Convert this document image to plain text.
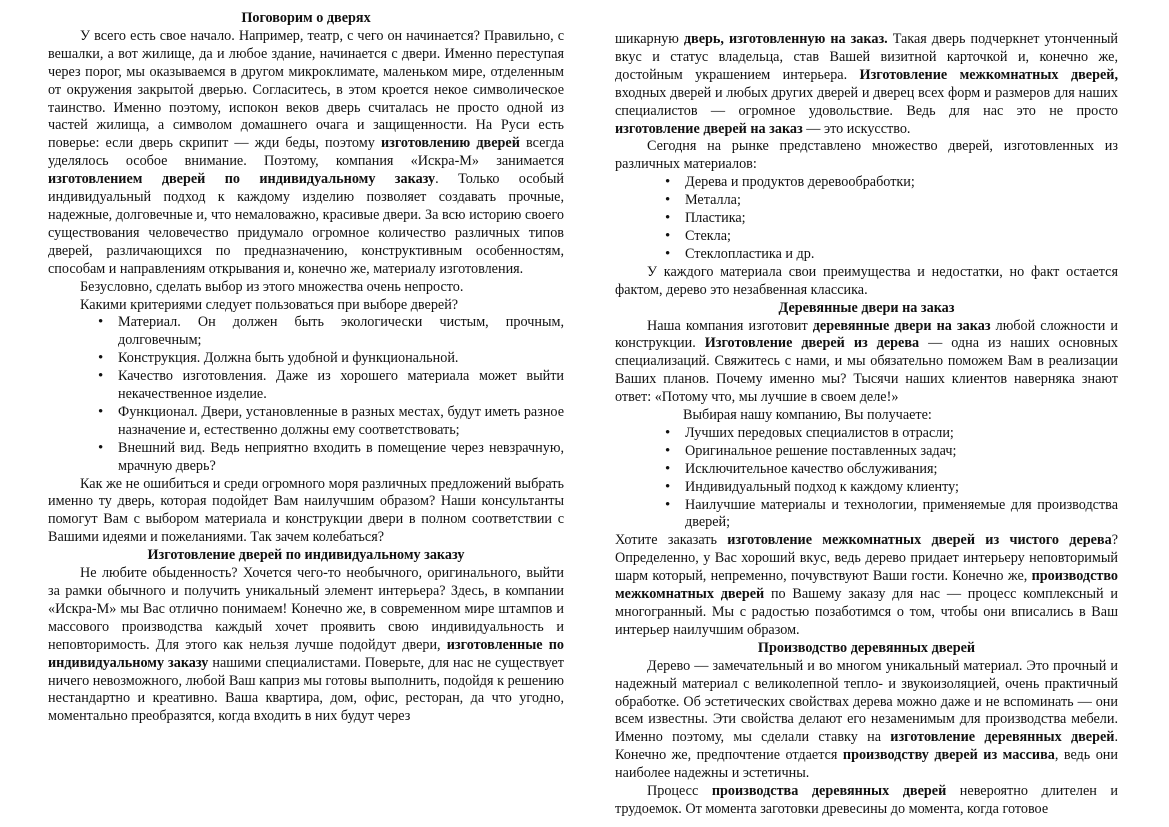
Поговорим о дверях

У всего есть свое начало. Например, театр, с чего он начинается? Правильно, с вешалки, а вот жилище, да и любое здание, начинается с двери. Именно переступая через порог, мы оказываемся в другом микроклимате, маленьком мире, отделенным от окружения закрытой дверью. Согласитесь, в этом кроется некое символическое таинство. Именно поэтому, испокон веков дверь считалась не просто одной из частей жилища, а символом домашнего очага и защищенности. На Руси есть поверье: если дверь скрипит — жди беды, поэтому изготовлению дверей всегда уделялось особое внимание. Поэтому, компания «Искра-М» занимается изготовлением дверей по индивидуальному заказу. Только особый индивидуальный подход к каждому изделию позволяет создавать прочные, надежные, долговечные и, что немаловажно, красивые двери. За всю историю своего существования человечество придумало огромное количество различных типов дверей, различающихся по предназначению, конструктивным особенностям, способам и направлениям открывания и, конечно же, материалу изготовления.

Безусловно, сделать выбор из этого множества очень непросто.

Какими критериями следует пользоваться при выборе дверей?

• Материал. Он должен быть экологически чистым, прочным, долговечным;
• Конструкция. Должна быть удобной и функциональной.
• Качество изготовления. Даже из хорошего материала может выйти некачественное изделие.
• Функционал. Двери, установленные в разных местах, будут иметь разное назначение и, естественно должны ему соответствовать;
• Внешний вид. Ведь неприятно входить в помещение через невзрачную, мрачную дверь?

Как же не ошибиться и среди огромного моря различных предложений выбрать именно ту дверь, которая подойдет Вам наилучшим образом? Наши консультанты помогут Вам с выбором материала и конструкции двери в полном соответствии с Вашими идеями и пожеланиями. Так зачем колебаться?

Изготовление дверей по индивидуальному заказу

Не любите обыденность? Хочется чего-то необычного, оригинального, выйти за рамки обычного и получить уникальный элемент интерьера? Здесь, в компании «Искра-М» мы Вас отлично понимаем! Конечно же, в современном мире штампов и массового производства каждый хочет проявить свою индивидуальность и неповторимость. Для этого как нельзя лучше подойдут двери, изготовленные по индивидуальному заказу нашими специалистами. Поверьте, для нас не существует ничего невозможного, любой Ваш каприз мы готовы выполнить, подойдя к решению нестандартно и креативно. Ваша квартира, дом, офис, ресторан, да что угодно, моментально преобразятся, когда входить в них будут через

шикарную дверь, изготовленную на заказ. Такая дверь подчеркнет утонченный вкус и статус владельца, став Вашей визитной карточкой и, конечно же, достойным украшением интерьера. Изготовление межкомнатных дверей, входных дверей и любых других дверей и дверец всех форм и размеров для наших специалистов — огромное удовольствие. Ведь для нас это не просто изготовление дверей на заказ — это искусство.

Сегодня на рынке представлено множество дверей, изготовленных из различных материалов:

• Дерева и продуктов деревообработки;
• Металла;
• Пластика;
• Стекла;
• Стеклопластика и др.

У каждого материала свои преимущества и недостатки, но факт остается фактом, дерево это незабвенная классика.

Деревянные двери на заказ

Наша компания изготовит деревянные двери на заказ любой сложности и конструкции. Изготовление дверей из дерева — одна из наших основных специализаций. Свяжитесь с нами, и мы обязательно поможем Вам в реализации Ваших планов. Почему именно мы? Тысячи наших клиентов наверняка знают ответ: «Потому что, мы лучшие в своем деле!»

Выбирая нашу компанию, Вы получаете:

• Лучших передовых специалистов в отрасли;
• Оригинальное решение поставленных задач;
• Исключительное качество обслуживания;
• Индивидуальный подход к каждому клиенту;
• Наилучшие материалы и технологии, применяемые для производства дверей;

Хотите заказать изготовление межкомнатных дверей из чистого дерева? Определенно, у Вас хороший вкус, ведь дерево придает интерьеру неповторимый шарм который, непременно, почувствуют Ваши гости. Конечно же, производство межкомнатных дверей по Вашему заказу для нас — процесс комплексный и многогранный. Мы с радостью позаботимся о том, чтобы они вписались в Ваш интерьер наилучшим образом.

Производство деревянных дверей

Дерево — замечательный и во многом уникальный материал. Это прочный и надежный материал с великолепной тепло- и звукоизоляцией, очень практичный обработке. Об эстетических свойствах дерева можно даже и не вспоминать — они всем известны. Эти свойства делают его незаменимым для производства мебели. Именно поэтому, мы сделали ставку на изготовление деревянных дверей. Конечно же, предпочтение отдается производству дверей из массива, ведь они наиболее надежны и эстетичны.

Процесс производства деревянных дверей невероятно длителен и трудоемок. От момента заготовки древесины до момента, когда готовое
